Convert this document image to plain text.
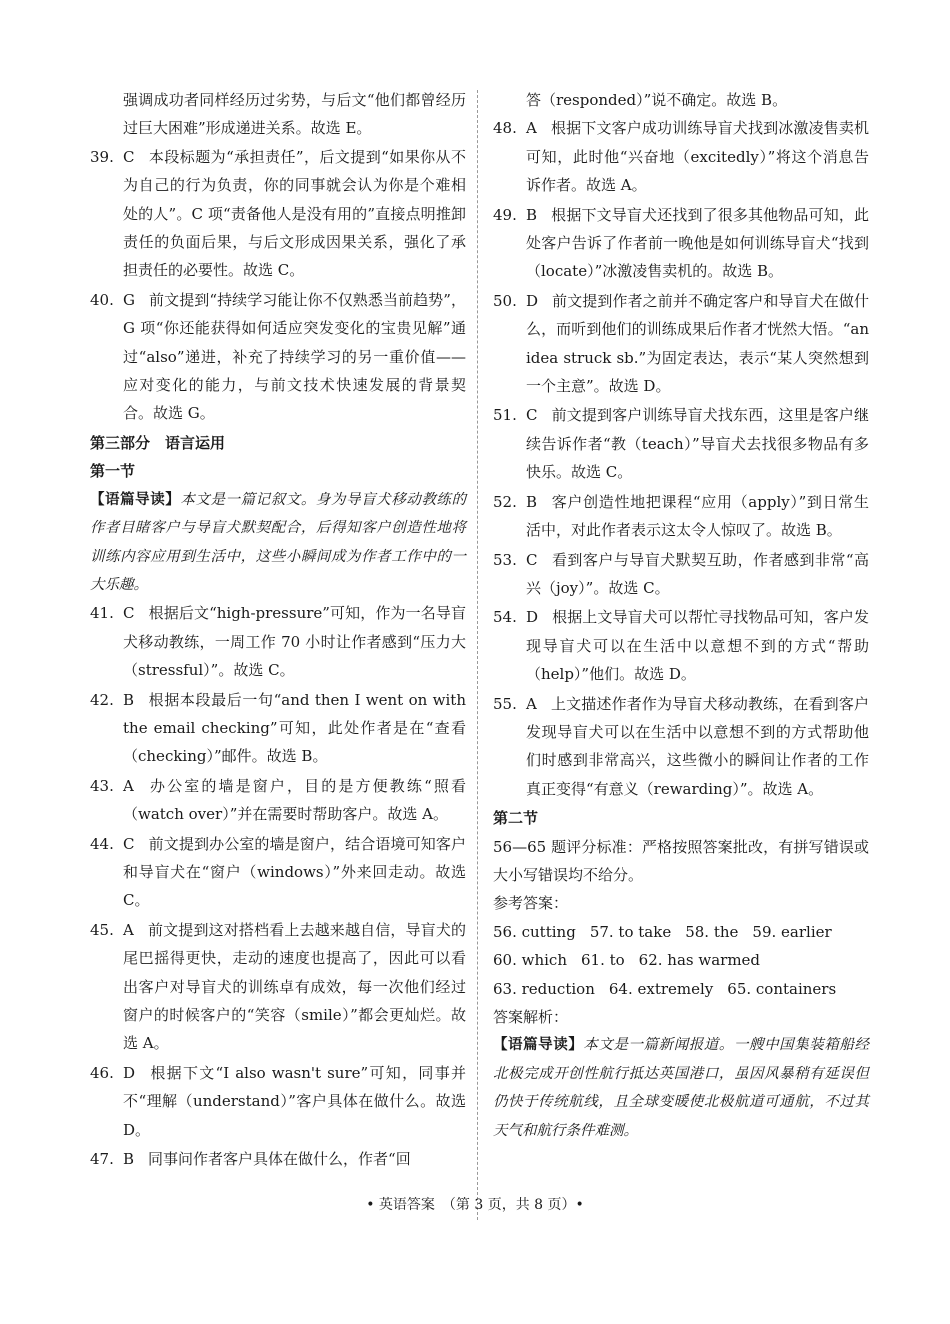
强调成功者同样经历过劣势，与后文“他们都曾经历过巨大困难”形成递进关系。故选 E。
39. C 本段标题为“承担责任”，后文提到“如果你从不为自己的行为负责，你的同事就会认为你是个难相处的人”。C 项“责备他人是没有用的”直接点明推卸责任的负面后果，与后文形成因果关系，强化了承担责任的必要性。故选 C。
40. G 前文提到“持续学习能让你不仅熟悉当前趋势”，G 项“你还能获得如何适应突发变化的宝贵见解”通过“also”递进，补充了持续学习的另一重价值——应对变化的能力，与前文技术快速发展的背景契合。故选 G。
第三部分　语言运用
第一节
【语篇导读】本文是一篇记叙文。身为导盲犬移动教练的作者目睹客户与导盲犬默契配合，后得知客户创造性地将训练内容应用到生活中，这些小瞬间成为作者工作中的一大乐趣。
41. C 根据后文“high-pressure”可知，作为一名导盲犬移动教练，一周工作 70 小时让作者感到“压力大（stressful）”。故选 C。
42. B 根据本段最后一句“and then I went on with the email checking”可知，此处作者是在“查看（checking）”邮件。故选 B。
43. A 办公室的墙是窗户，目的是方便教练“照看（watch over）”并在需要时帮助客户。故选 A。
44. C 前文提到办公室的墙是窗户，结合语境可知客户和导盲犬在“窗户（windows）”外来回走动。故选 C。
45. A 前文提到这对搭档看上去越来越自信，导盲犬的尾巴摇得更快，走动的速度也提高了，因此可以看出客户对导盲犬的训练卓有成效，每一次他们经过窗户的时候客户的“笑容（smile）”都会更灿烂。故选 A。
46. D 根据下文“I also wasn't sure”可知，同事并不“理解（understand）”客户具体在做什么。故选 D。
47. B 同事问作者客户具体在做什么，作者“回
答（responded）”说不确定。故选 B。
48. A 根据下文客户成功训练导盲犬找到冰激凌售卖机可知，此时他“兴奋地（excitedly）”将这个消息告诉作者。故选 A。
49. B 根据下文导盲犬还找到了很多其他物品可知，此处客户告诉了作者前一晚他是如何训练导盲犬“找到（locate）”冰激凌售卖机的。故选 B。
50. D 前文提到作者之前并不确定客户和导盲犬在做什么，而听到他们的训练成果后作者才恍然大悟。“an idea struck sb.”为固定表达，表示“某人突然想到一个主意”。故选 D。
51. C 前文提到客户训练导盲犬找东西，这里是客户继续告诉作者“教（teach）”导盲犬去找很多物品有多快乐。故选 C。
52. B 客户创造性地把课程“应用（apply）”到日常生活中，对此作者表示这太令人惊叹了。故选 B。
53. C 看到客户与导盲犬默契互助，作者感到非常“高兴（joy）”。故选 C。
54. D 根据上文导盲犬可以帮忙寻找物品可知，客户发现导盲犬可以在生活中以意想不到的方式“帮助（help）”他们。故选 D。
55. A 上文描述作者作为导盲犬移动教练，在看到客户发现导盲犬可以在生活中以意想不到的方式帮助他们时感到非常高兴，这些微小的瞬间让作者的工作真正变得“有意义（rewarding）”。故选 A。
第二节
56—65 题评分标准：严格按照答案批改，有拼写错误或大小写错误均不给分。
参考答案：
56. cutting 57. to take 58. the 59. earlier
60. which 61. to 62. has warmed
63. reduction 64. extremely 65. containers
答案解析：
【语篇导读】本文是一篇新闻报道。一艘中国集装箱船经北极完成开创性航行抵达英国港口，虽因风暴稍有延误但仍快于传统航线，且全球变暖使北极航道可通航，不过其天气和航行条件难测。
• 英语答案　（第 3 页，共 8 页）•
